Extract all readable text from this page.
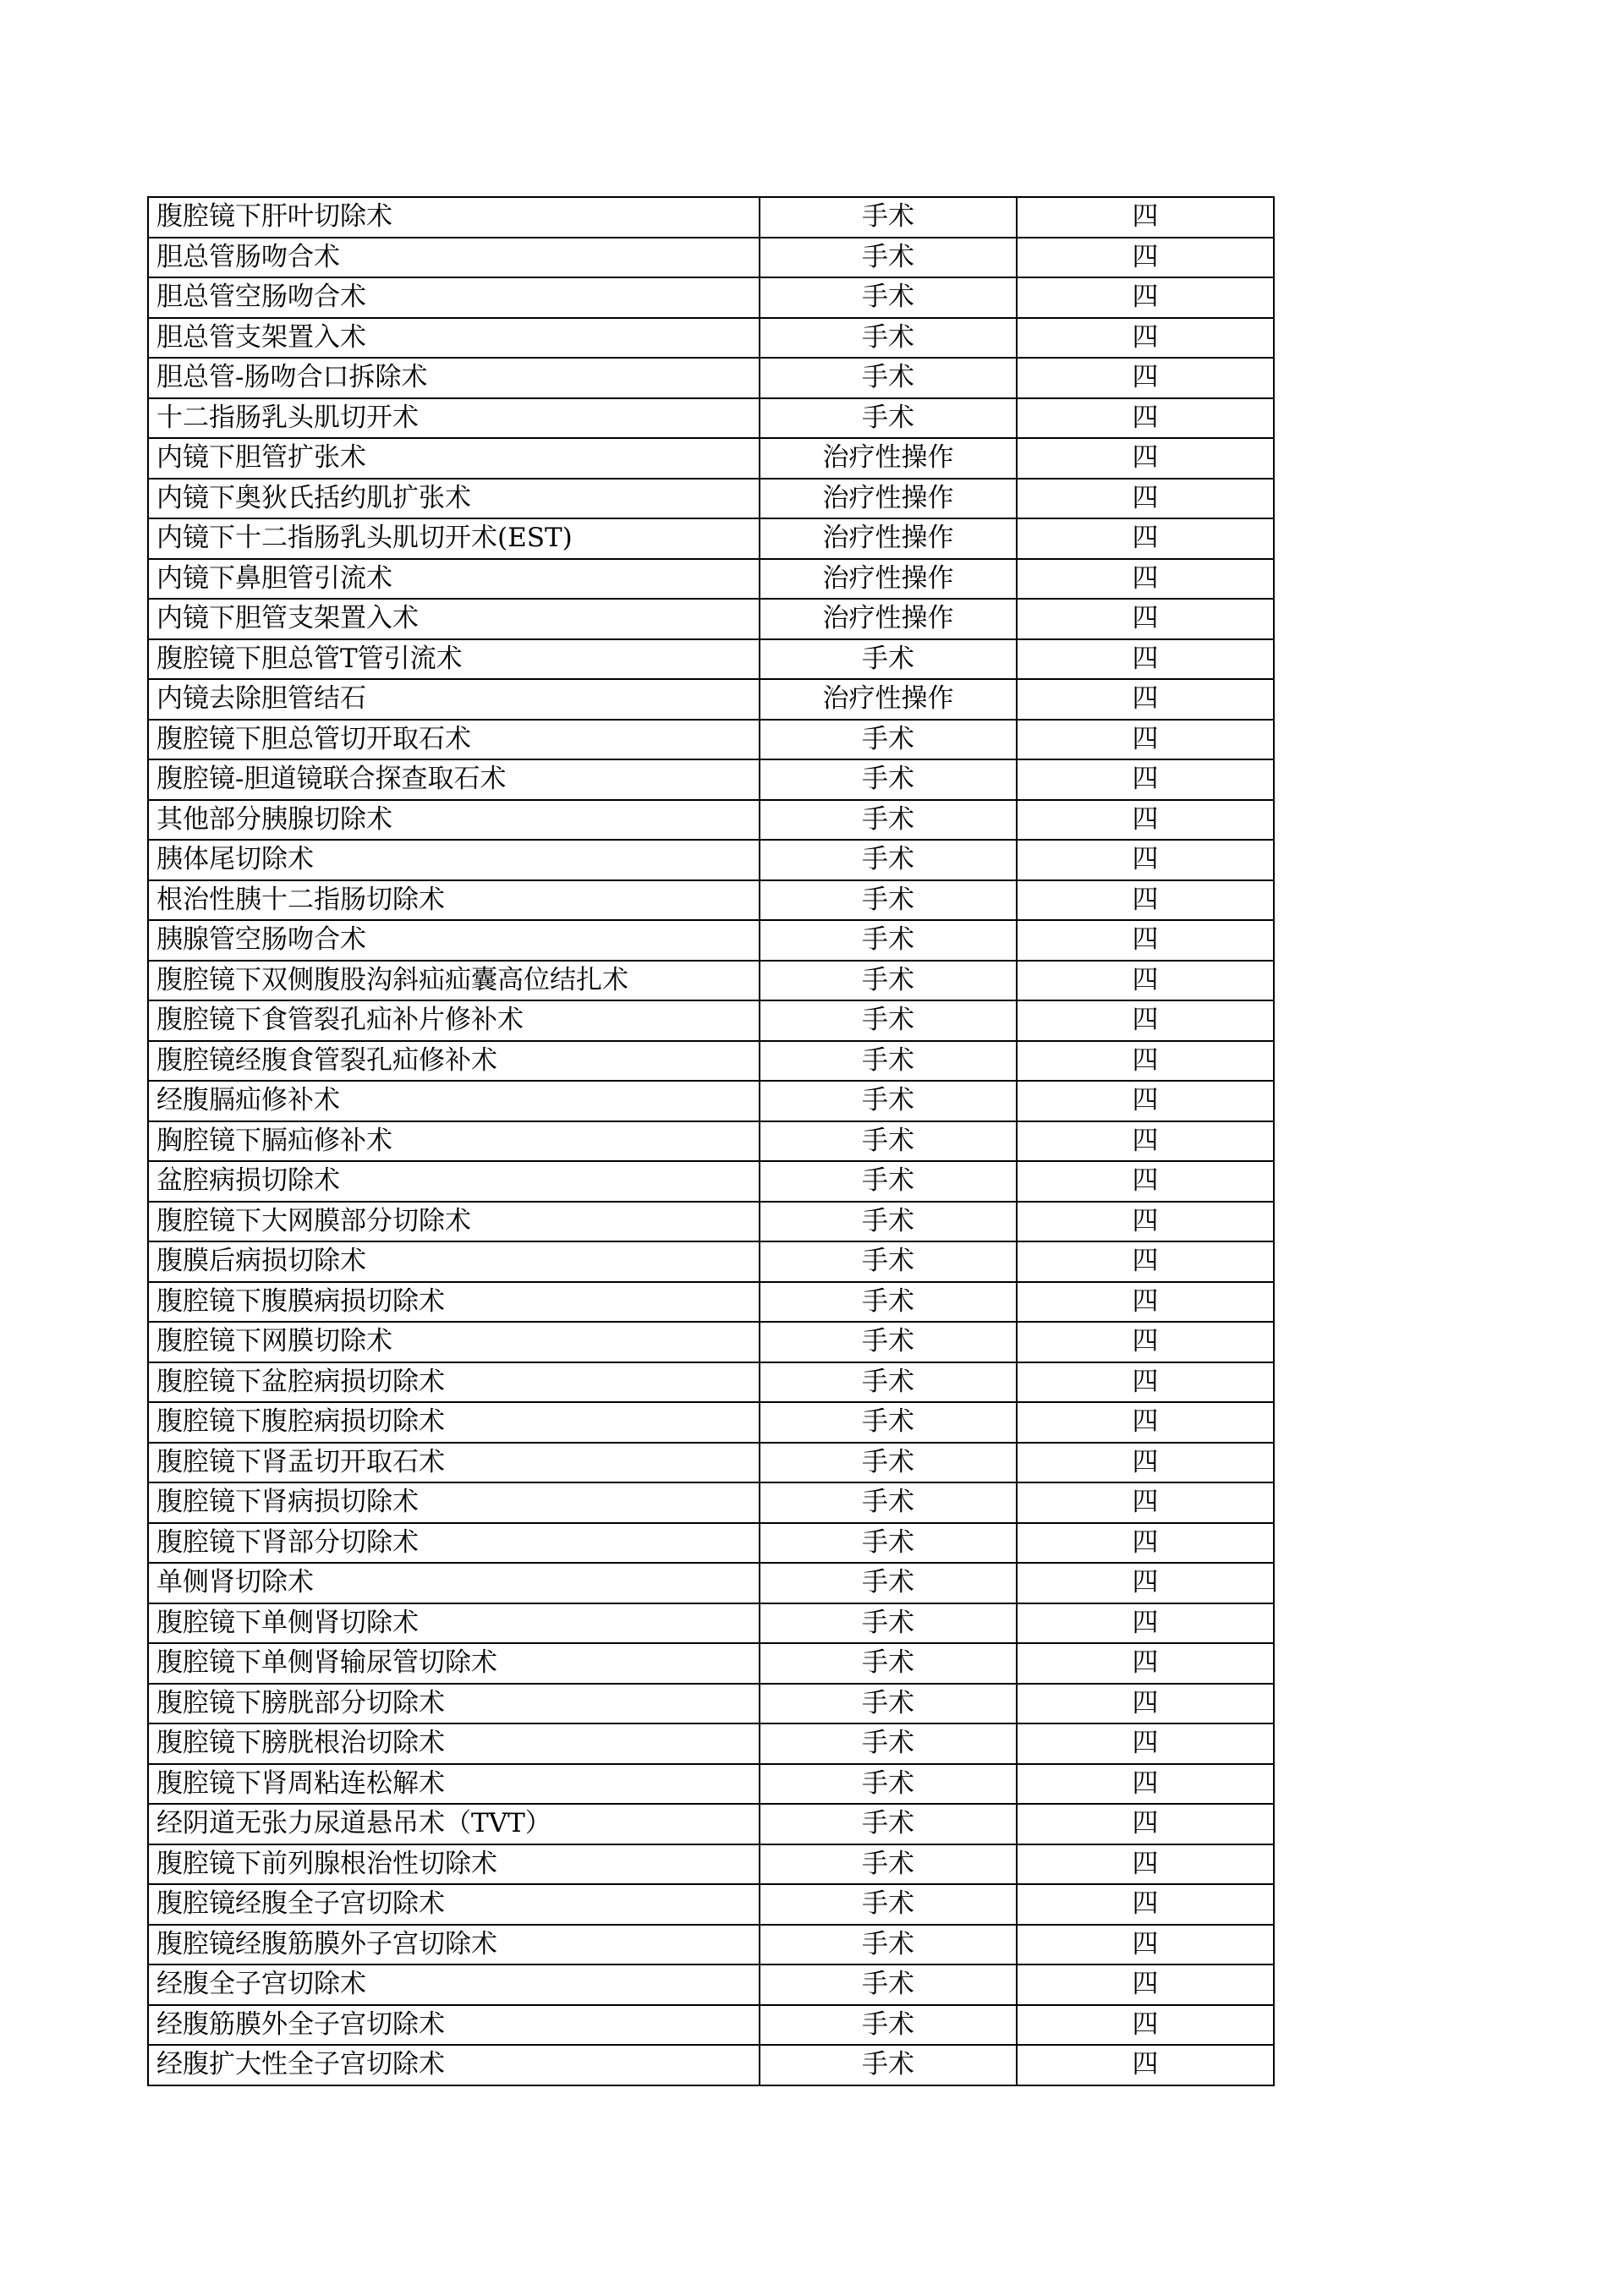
腹腔镜下肝叶切除术	手术	四
胆总管肠吻合术	手术	四
胆总管空肠吻合术	手术	四
胆总管支架置入术	手术	四
胆总管-肠吻合口拆除术	手术	四
十二指肠乳头肌切开术	手术	四
内镜下胆管扩张术	治疗性操作	四
内镜下奥狄氏括约肌扩张术	治疗性操作	四
内镜下十二指肠乳头肌切开术(EST)	治疗性操作	四
内镜下鼻胆管引流术	治疗性操作	四
内镜下胆管支架置入术	治疗性操作	四
腹腔镜下胆总管T管引流术	手术	四
内镜去除胆管结石	治疗性操作	四
腹腔镜下胆总管切开取石术	手术	四
腹腔镜-胆道镜联合探查取石术	手术	四
其他部分胰腺切除术	手术	四
胰体尾切除术	手术	四
根治性胰十二指肠切除术	手术	四
胰腺管空肠吻合术	手术	四
腹腔镜下双侧腹股沟斜疝疝囊高位结扎术	手术	四
腹腔镜下食管裂孔疝补片修补术	手术	四
腹腔镜经腹食管裂孔疝修补术	手术	四
经腹膈疝修补术	手术	四
胸腔镜下膈疝修补术	手术	四
盆腔病损切除术	手术	四
腹腔镜下大网膜部分切除术	手术	四
腹膜后病损切除术	手术	四
腹腔镜下腹膜病损切除术	手术	四
腹腔镜下网膜切除术	手术	四
腹腔镜下盆腔病损切除术	手术	四
腹腔镜下腹腔病损切除术	手术	四
腹腔镜下肾盂切开取石术	手术	四
腹腔镜下肾病损切除术	手术	四
腹腔镜下肾部分切除术	手术	四
单侧肾切除术	手术	四
腹腔镜下单侧肾切除术	手术	四
腹腔镜下单侧肾输尿管切除术	手术	四
腹腔镜下膀胱部分切除术	手术	四
腹腔镜下膀胱根治切除术	手术	四
腹腔镜下肾周粘连松解术	手术	四
经阴道无张力尿道悬吊术（TVT）	手术	四
腹腔镜下前列腺根治性切除术	手术	四
腹腔镜经腹全子宫切除术	手术	四
腹腔镜经腹筋膜外子宫切除术	手术	四
经腹全子宫切除术	手术	四
经腹筋膜外全子宫切除术	手术	四
经腹扩大性全子宫切除术	手术	四
